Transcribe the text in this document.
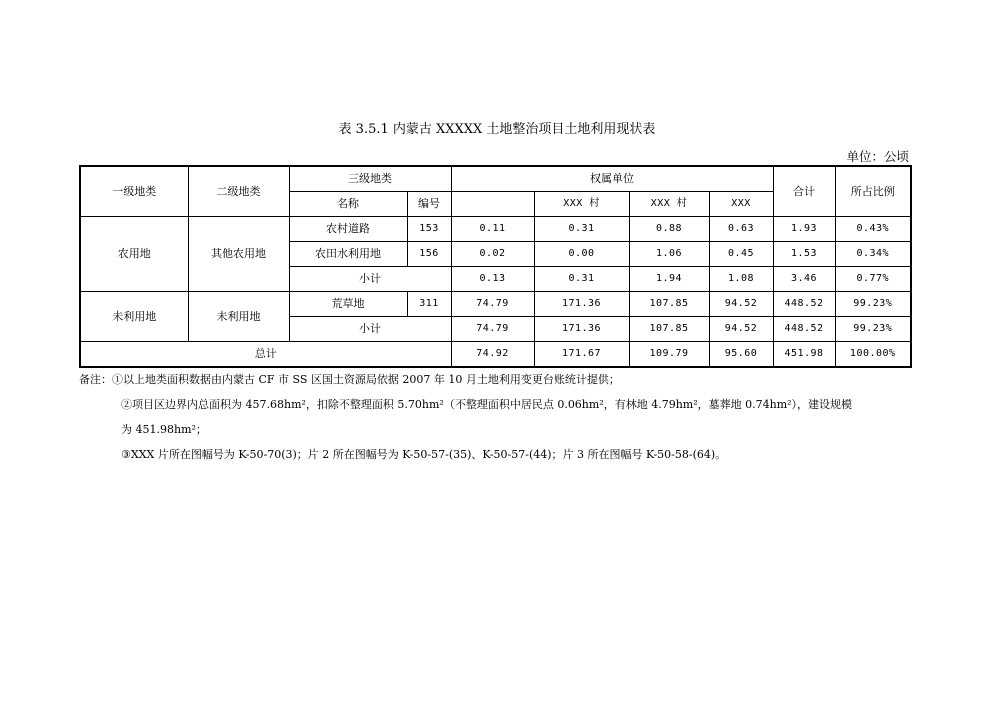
表 3.5.1 内蒙古 XXXXX 土地整治项目土地利用现状表
单位：公顷
一级地类	二级地类	三级地类		权属单位				合计	所占比例
		名称	编号		XXX 村	XXX 村	XXX		
农用地	其他农用地	农村道路	153	0.11	0.31	0.88	0.63	1.93	0.43%
		农田水利用地	156	0.02	0.00	1.06	0.45	1.53	0.34%
		小计		0.13	0.31	1.94	1.08	3.46	0.77%
未利用地	未利用地	荒草地	311	74.79	171.36	107.85	94.52	448.52	99.23%
		小计		74.79	171.36	107.85	94.52	448.52	99.23%
总计				74.92	171.67	109.79	95.60	451.98	100.00%
备注：①以上地类面积数据由内蒙古 CF 市 SS 区国土资源局依据 2007 年 10 月土地利用变更台账统计提供；
②项目区边界内总面积为 457.68hm²，扣除不整理面积 5.70hm²（不整理面积中居民点 0.06hm²，有林地 4.79hm²，墓葬地 0.74hm²），建设规模
为 451.98hm²；
③XXX 片所在图幅号为 K-50-70(3)；片 2 所在图幅号为 K-50-57-(35)、K-50-57-(44)；片 3 所在图幅号 K-50-58-(64)。
